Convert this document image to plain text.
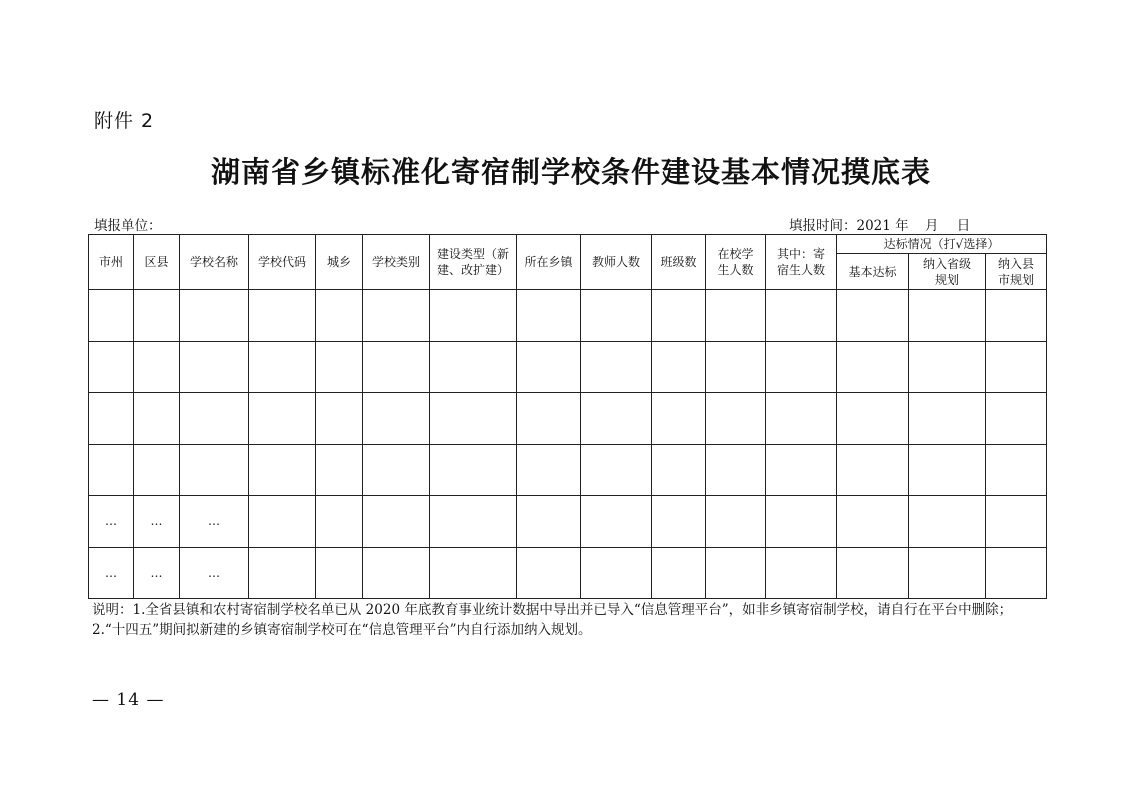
附件 2
湖南省乡镇标准化寄宿制学校条件建设基本情况摸底表
填报单位：	填报时间：2021 年 月 日
市州	区县	学校名称	学校代码	城乡	学校类别	建设类型（新建、改扩建）	所在乡镇	教师人数	班级数	在校学生人数	其中：寄宿生人数	达标情况（打√选择）		
												基本达标	纳入省级规划	纳入县市规划

…	…	…												
…	…	…												
说明：1.全省县镇和农村寄宿制学校名单已从 2020 年底教育事业统计数据中导出并已导入“信息管理平台”，如非乡镇寄宿制学校，请自行在平台中删除；2.“十四五”期间拟新建的乡镇寄宿制学校可在“信息管理平台”内自行添加纳入规划。
— 14 —
